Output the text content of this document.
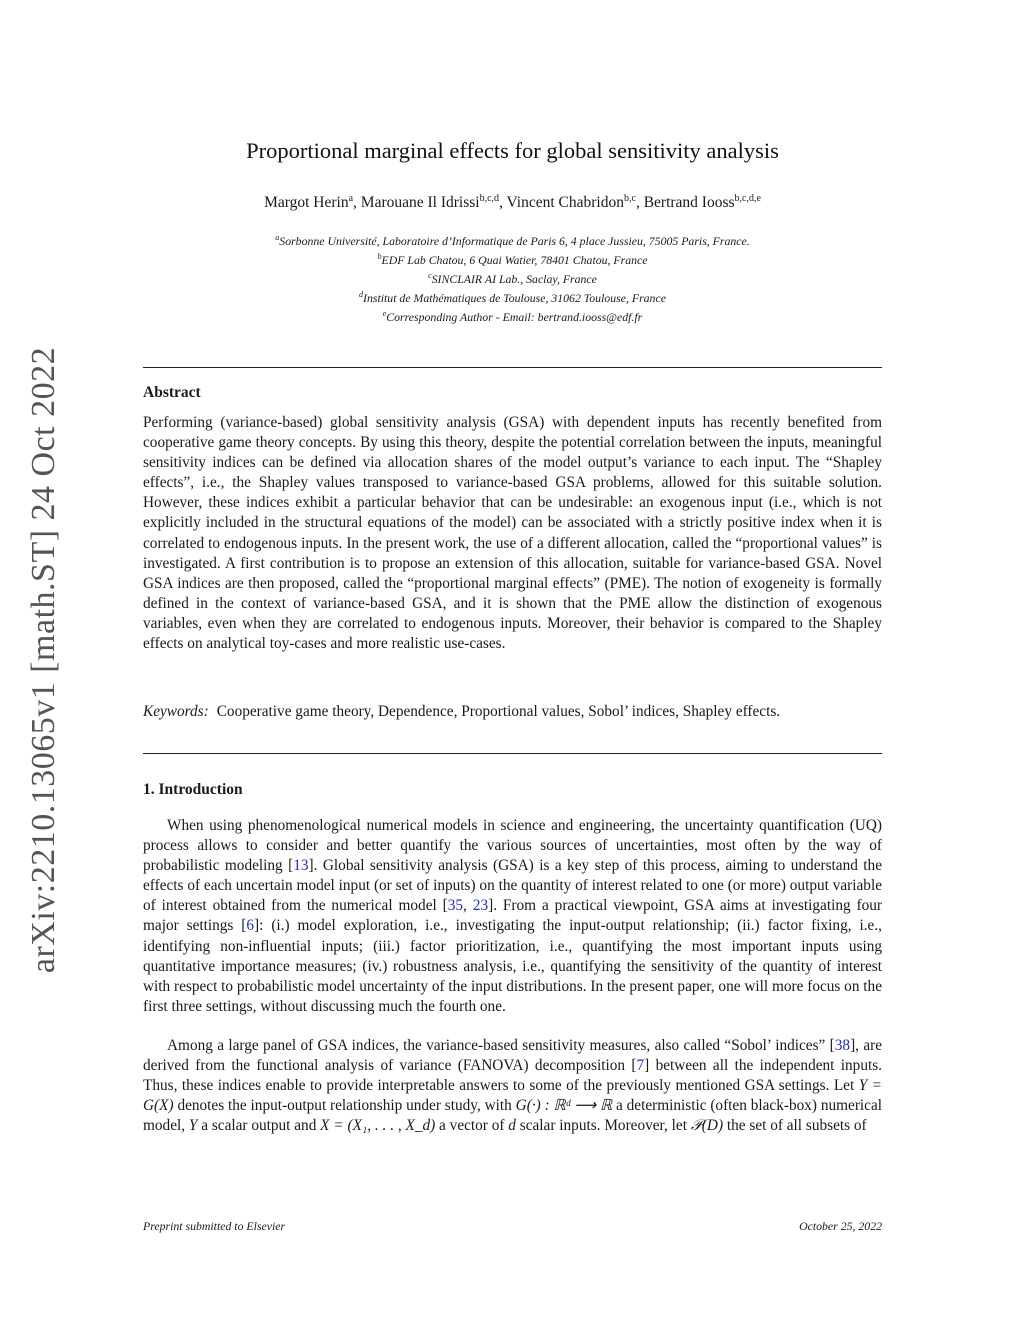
arXiv:2210.13065v1 [math.ST] 24 Oct 2022
Proportional marginal effects for global sensitivity analysis
Margot Herin$^a$, Marouane Il Idrissi$^{b,c,d}$, Vincent Chabridon$^{b,c}$, Bertrand Iooss$^{b,c,d,e}$
$^a$Sorbonne Université, Laboratoire d’Informatique de Paris 6, 4 place Jussieu, 75005 Paris, France.
$^b$EDF Lab Chatou, 6 Quai Watier, 78401 Chatou, France
$^c$SINCLAIR AI Lab., Saclay, France
$^d$Institut de Mathématiques de Toulouse, 31062 Toulouse, France
$^e$Corresponding Author - Email: bertrand.iooss@edf.fr
Abstract

Performing (variance-based) global sensitivity analysis (GSA) with dependent inputs has recently benefited from cooperative game theory concepts. By using this theory, despite the potential correlation between the inputs, meaningful sensitivity indices can be defined via allocation shares of the model output’s variance to each input. The “Shapley effects”, i.e., the Shapley values transposed to variance-based GSA problems, allowed for this suitable solution. However, these indices exhibit a particular behavior that can be undesirable: an exogenous input (i.e., which is not explicitly included in the structural equations of the model) can be associated with a strictly positive index when it is correlated to endogenous inputs. In the present work, the use of a different allocation, called the “proportional values” is investigated. A first contribution is to propose an extension of this allocation, suitable for variance-based GSA. Novel GSA indices are then proposed, called the “proportional marginal effects” (PME). The notion of exogeneity is formally defined in the context of variance-based GSA, and it is shown that the PME allow the distinction of exogenous variables, even when they are correlated to endogenous inputs. Moreover, their behavior is compared to the Shapley effects on analytical toy-cases and more realistic use-cases.

Keywords: Cooperative game theory, Dependence, Proportional values, Sobol’ indices, Shapley effects.

1. Introduction

When using phenomenological numerical models in science and engineering, the uncertainty quantification (UQ) process allows to consider and better quantify the various sources of uncertainties, most often by the way of probabilistic modeling [13]. Global sensitivity analysis (GSA) is a key step of this process, aiming to understand the effects of each uncertain model input (or set of inputs) on the quantity of interest related to one (or more) output variable of interest obtained from the numerical model [35, 23]. From a practical viewpoint, GSA aims at investigating four major settings [6]: (i.) model exploration, i.e., investigating the input-output relationship; (ii.) factor fixing, i.e., identifying non-influential inputs; (iii.) factor prioritization, i.e., quantifying the most important inputs using quantitative importance measures; (iv.) robustness analysis, i.e., quantifying the sensitivity of the quantity of interest with respect to probabilistic model uncertainty of the input distributions. In the present paper, one will more focus on the first three settings, without discussing much the fourth one.

Among a large panel of GSA indices, the variance-based sensitivity measures, also called “Sobol’ indices” [38], are derived from the functional analysis of variance (FANOVA) decomposition [7] between all the independent inputs. Thus, these indices enable to provide interpretable answers to some of the previously mentioned GSA settings. Let Y = G(X) denotes the input-output relationship under study, with G(·) : ℝᵈ ⟶ ℝ a deterministic (often black-box) numerical model, Y a scalar output and X = (X₁, . . . , X_d) a vector of d scalar inputs. Moreover, let 𝒫(D) the set of all subsets of

Preprint submitted to Elsevier	October 25, 2022
